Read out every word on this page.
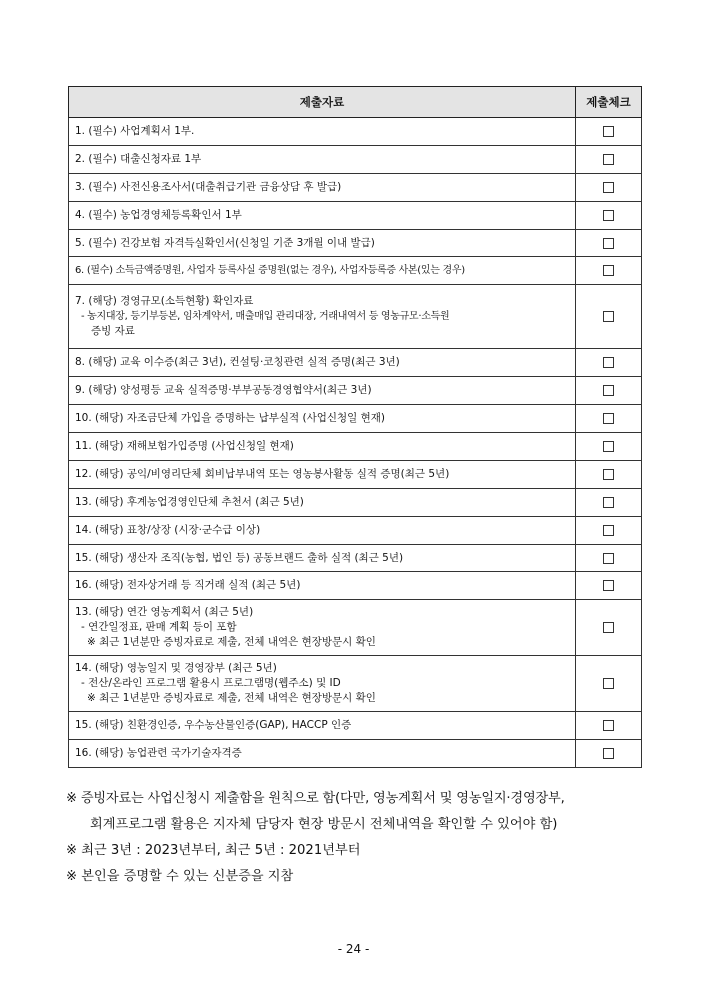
제출자료	제출체크

1. (필수) 사업계획서 1부.	

2. (필수) 대출신청자료 1부	

3. (필수) 사전신용조사서(대출취급기관 금융상담 후 발급)	

4. (필수) 농업경영체등록확인서 1부	

5. (필수) 건강보험 자격득실확인서(신청일 기준 3개월 이내 발급)	

6. (필수) 소득금액증명원, 사업자 등록사실 증명원(없는 경우), 사업자등록증 사본(있는 경우)	

7. (해당) 경영규모(소득현황) 확인자료
- 농지대장, 등기부등본, 임차계약서, 매출매입 관리대장, 거래내역서 등 영농규모·소득원
증빙 자료	

8. (해당) 교육 이수증(최근 3년), 컨설팅·코칭관련 실적 증명(최근 3년)	

9. (해당) 양성평등 교육 실적증명·부부공동경영협약서(최근 3년)	

10. (해당) 자조금단체 가입을 증명하는 납부실적 (사업신청일 현재)	

11. (해당) 재해보험가입증명 (사업신청일 현재)	

12. (해당) 공익/비영리단체 회비납부내역 또는 영농봉사활동 실적 증명(최근 5년)	

13. (해당) 후계농업경영인단체 추천서 (최근 5년)	

14. (해당) 표창/상장 (시장·군수급 이상)	

15. (해당) 생산자 조직(농협, 법인 등) 공동브랜드 출하 실적 (최근 5년)	

16. (해당) 전자상거래 등 직거래 실적 (최근 5년)	

13. (해당) 연간 영농계획서 (최근 5년)
- 연간일정표, 판매 계획 등이 포함
※ 최근 1년분만 증빙자료로 제출, 전체 내역은 현장방문시 확인	

14. (해당) 영농일지 및 경영장부 (최근 5년)
- 전산/온라인 프로그램 활용시 프로그램명(웹주소) 및 ID
※ 최근 1년분만 증빙자료로 제출, 전체 내역은 현장방문시 확인	

15. (해당) 친환경인증, 우수농산물인증(GAP), HACCP 인증	

16. (해당) 농업관련 국가기술자격증	

※ 증빙자료는 사업신청시 제출함을 원칙으로 함(다만, 영농계획서 및 영농일지·경영장부,
회계프로그램 활용은 지자체 담당자 현장 방문시 전체내역을 확인할 수 있어야 함)
※ 최근 3년 : 2023년부터, 최근 5년 : 2021년부터
※ 본인을 증명할 수 있는 신분증을 지참
- 24 -
